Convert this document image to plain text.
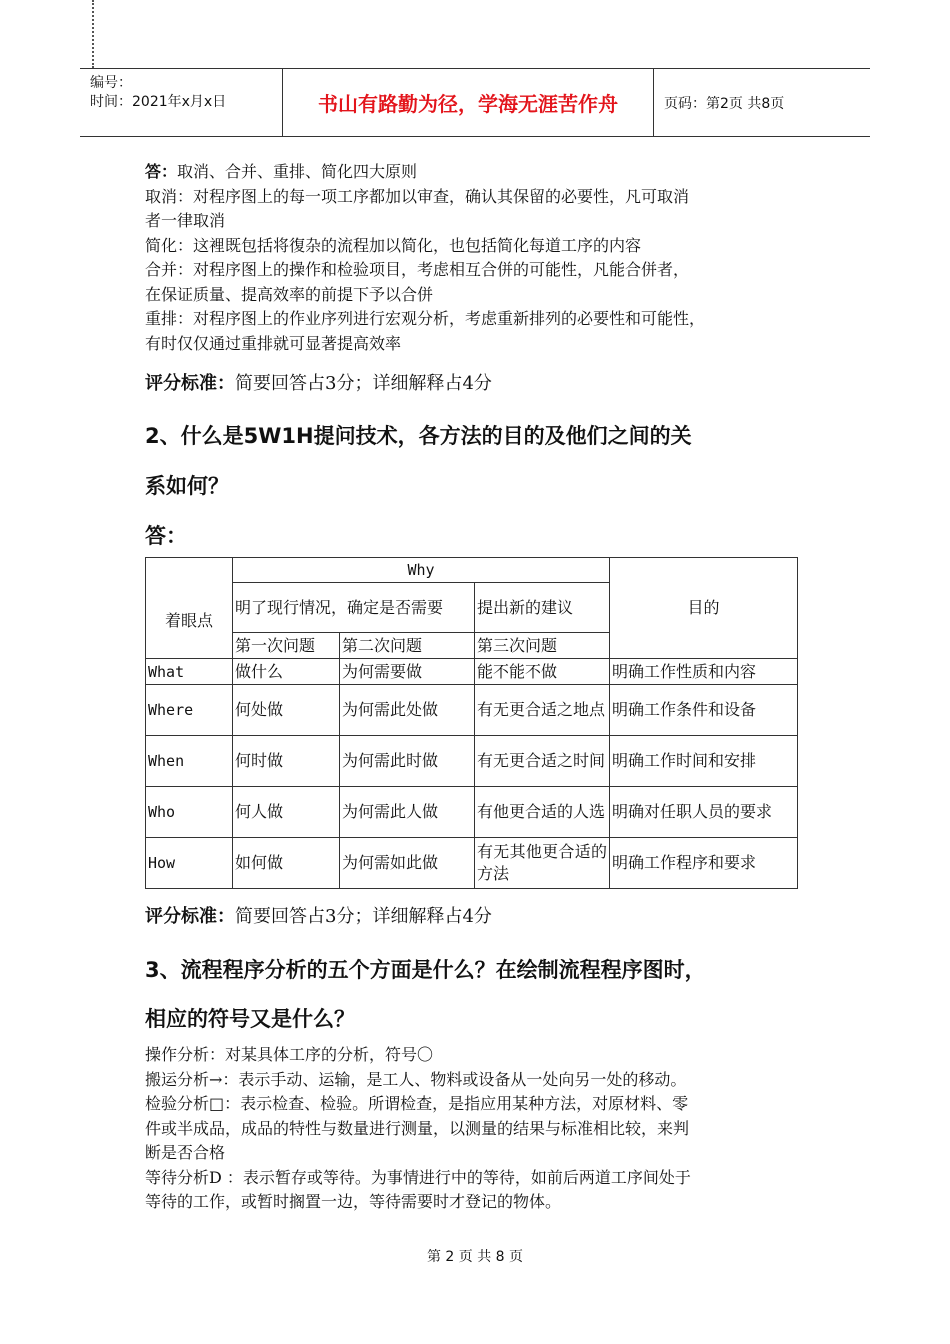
编号：
时间：2021年x月x日	书山有路勤为径，学海无涯苦作舟	页码：第2页 共8页

答：取消、合并、重排、简化四大原则

取消：对程序图上的每一项工序都加以审查，确认其保留的必要性，凡可取消

者一律取消

简化：这裡既包括将復杂的流程加以简化，也包括简化每道工序的内容

合并：对程序图上的操作和检验项目，考虑相互合併的可能性，凡能合併者，

在保证质量、提高效率的前提下予以合併

重排：对程序图上的作业序列进行宏观分析，考虑重新排列的必要性和可能性，

有时仅仅通过重排就可显著提高效率

评分标准：简要回答占3分；详细解释占4分

2、什么是5W1H提问技术，各方法的目的及他们之间的关
系如何？
答：
着眼点	Why			目的
	明了现行情况，确定是否需要		提出新的建议	
	第一次问题	第二次问题	第三次问题	
What	做什么	为何需要做	能不能不做	明确工作性质和内容
Where	何处做	为何需此处做	有无更合适之地点	明确工作条件和设备
When	何时做	为何需此时做	有无更合适之时间	明确工作时间和安排
Who	何人做	为何需此人做	有他更合适的人选	明确对任职人员的要求
How	如何做	为何需如此做	有无其他更合适的方法	明确工作程序和要求

评分标准：简要回答占3分；详细解释占4分

3、流程程序分析的五个方面是什么？在绘制流程程序图时，
相应的符号又是什么？

操作分析：对某具体工序的分析，符号〇

搬运分析→：表示手动、运输，是工人、物料或设备从一处向另一处的移动。

检验分析□：表示检查、检验。所谓检查，是指应用某种方法，对原材料、零

件或半成品，成品的特性与数量进行测量，以测量的结果与标准相比较，来判

断是否合格

等待分析D ：表示暂存或等待。为事情进行中的等待，如前后两道工序间处于

等待的工作，或暂时搁置一边，等待需要时才登记的物体。

第 2 页 共 8 页
